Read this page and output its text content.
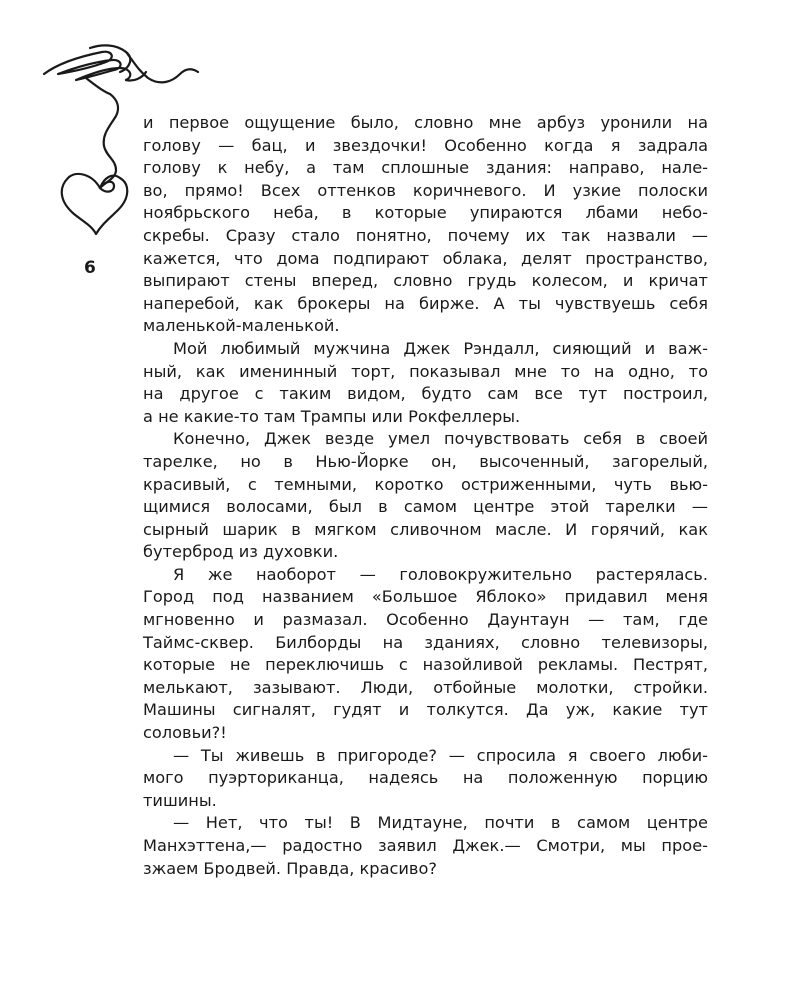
6
и первое ощущение было, словно мне арбуз уронили на
голову — бац, и звездочки! Особенно когда я задрала
голову к небу, а там сплошные здания: направо, нале-
во, прямо! Всех оттенков коричневого. И узкие полоски
ноябрьского неба, в которые упираются лбами небо-
скребы. Сразу стало понятно, почему их так назвали —
кажется, что дома подпирают облака, делят пространство,
выпирают стены вперед, словно грудь колесом, и кричат
наперебой, как брокеры на бирже. А ты чувствуешь себя
маленькой-маленькой.
Мой любимый мужчина Джек Рэндалл, сияющий и важ-
ный, как именинный торт, показывал мне то на одно, то
на другое с таким видом, будто сам все тут построил,
а не какие-то там Трампы или Рокфеллеры.
Конечно, Джек везде умел почувствовать себя в своей
тарелке, но в Нью-Йорке он, высоченный, загорелый,
красивый, с темными, коротко остриженными, чуть вью-
щимися волосами, был в самом центре этой тарелки —
сырный шарик в мягком сливочном масле. И горячий, как
бутерброд из духовки.
Я же наоборот — головокружительно растерялась.
Город под названием «Большое Яблоко» придавил меня
мгновенно и размазал. Особенно Даунтаун — там, где
Таймс-сквер. Билборды на зданиях, словно телевизоры,
которые не переключишь с назойливой рекламы. Пестрят,
мелькают, зазывают. Люди, отбойные молотки, стройки.
Машины сигналят, гудят и толкутся. Да уж, какие тут
соловьи?!
— Ты живешь в пригороде? — спросила я своего люби-
мого пуэрториканца, надеясь на положенную порцию
тишины.
— Нет, что ты! В Мидтауне, почти в самом центре
Манхэттена,— радостно заявил Джек.— Смотри, мы прое-
зжаем Бродвей. Правда, красиво?
